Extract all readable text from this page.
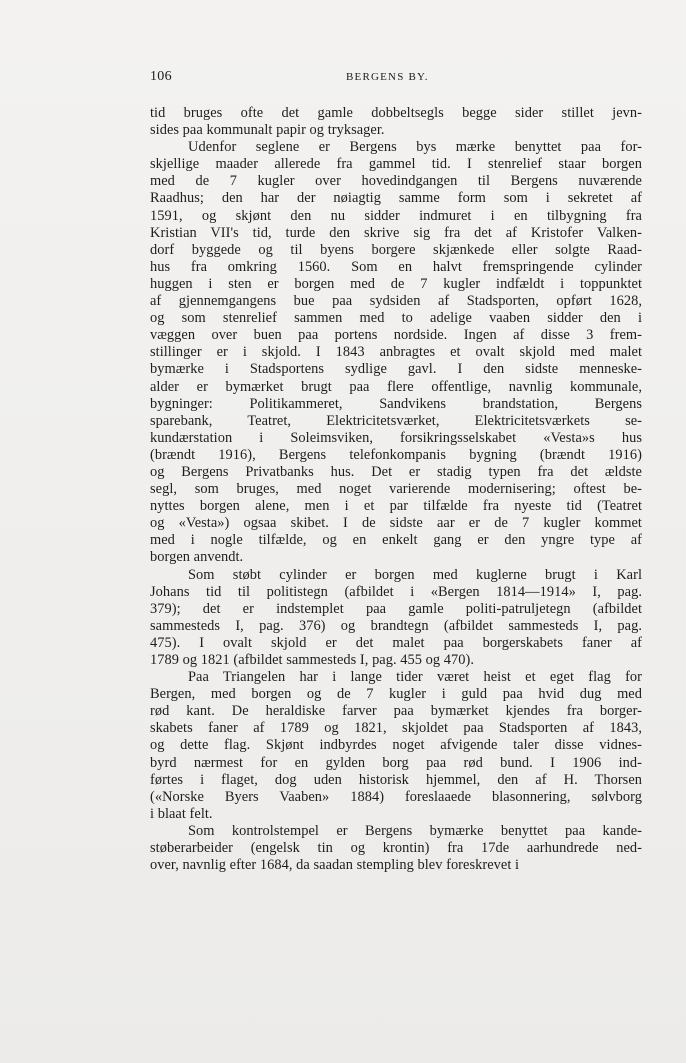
106	BERGENS BY.
tid bruges ofte det gamle dobbeltsegls begge sider stillet jevn-
sides paa kommunalt papir og tryksager.
Udenfor seglene er Bergens bys mærke benyttet paa for-
skjellige maader allerede fra gammel tid. I stenrelief staar borgen
med de 7 kugler over hovedindgangen til Bergens nuværende
Raadhus; den har der nøiagtig samme form som i sekretet af
1591, og skjønt den nu sidder indmuret i en tilbygning fra
Kristian VII's tid, turde den skrive sig fra det af Kristofer Valken-
dorf byggede og til byens borgere skjænkede eller solgte Raad-
hus fra omkring 1560. Som en halvt fremspringende cylinder
huggen i sten er borgen med de 7 kugler indfældt i toppunktet
af gjennemgangens bue paa sydsiden af Stadsporten, opført 1628,
og som stenrelief sammen med to adelige vaaben sidder den i
væggen over buen paa portens nordside. Ingen af disse 3 frem-
stillinger er i skjold. I 1843 anbragtes et ovalt skjold med malet
bymærke i Stadsportens sydlige gavl. I den sidste menneske-
alder er bymærket brugt paa flere offentlige, navnlig kommunale,
bygninger: Politikammeret, Sandvikens brandstation, Bergens
sparebank, Teatret, Elektricitetsværket, Elektricitetsværkets se-
kundærstation i Soleimsviken, forsikringsselskabet «Vesta»s hus
(brændt 1916), Bergens telefonkompanis bygning (brændt 1916)
og Bergens Privatbanks hus. Det er stadig typen fra det ældste
segl, som bruges, med noget varierende modernisering; oftest be-
nyttes borgen alene, men i et par tilfælde fra nyeste tid (Teatret
og «Vesta») ogsaa skibet. I de sidste aar er de 7 kugler kommet
med i nogle tilfælde, og en enkelt gang er den yngre type af
borgen anvendt.
Som støbt cylinder er borgen med kuglerne brugt i Karl
Johans tid til politistegn (afbildet i «Bergen 1814—1914» I, pag.
379); det er indstemplet paa gamle politi-patruljetegn (afbildet
sammesteds I, pag. 376) og brandtegn (afbildet sammesteds I, pag.
475). I ovalt skjold er det malet paa borgerskabets faner af
1789 og 1821 (afbildet sammesteds I, pag. 455 og 470).
Paa Triangelen har i lange tider været heist et eget flag for
Bergen, med borgen og de 7 kugler i guld paa hvid dug med
rød kant. De heraldiske farver paa bymærket kjendes fra borger-
skabets faner af 1789 og 1821, skjoldet paa Stadsporten af 1843,
og dette flag. Skjønt indbyrdes noget afvigende taler disse vidnes-
byrd nærmest for en gylden borg paa rød bund. I 1906 ind-
førtes i flaget, dog uden historisk hjemmel, den af H. Thorsen
(«Norske Byers Vaaben» 1884) foreslaaede blasonnering, sølvborg
i blaat felt.
Som kontrolstempel er Bergens bymærke benyttet paa kande-
støberarbeider (engelsk tin og krontin) fra 17de aarhundrede ned-
over, navnlig efter 1684, da saadan stempling blev foreskrevet i
